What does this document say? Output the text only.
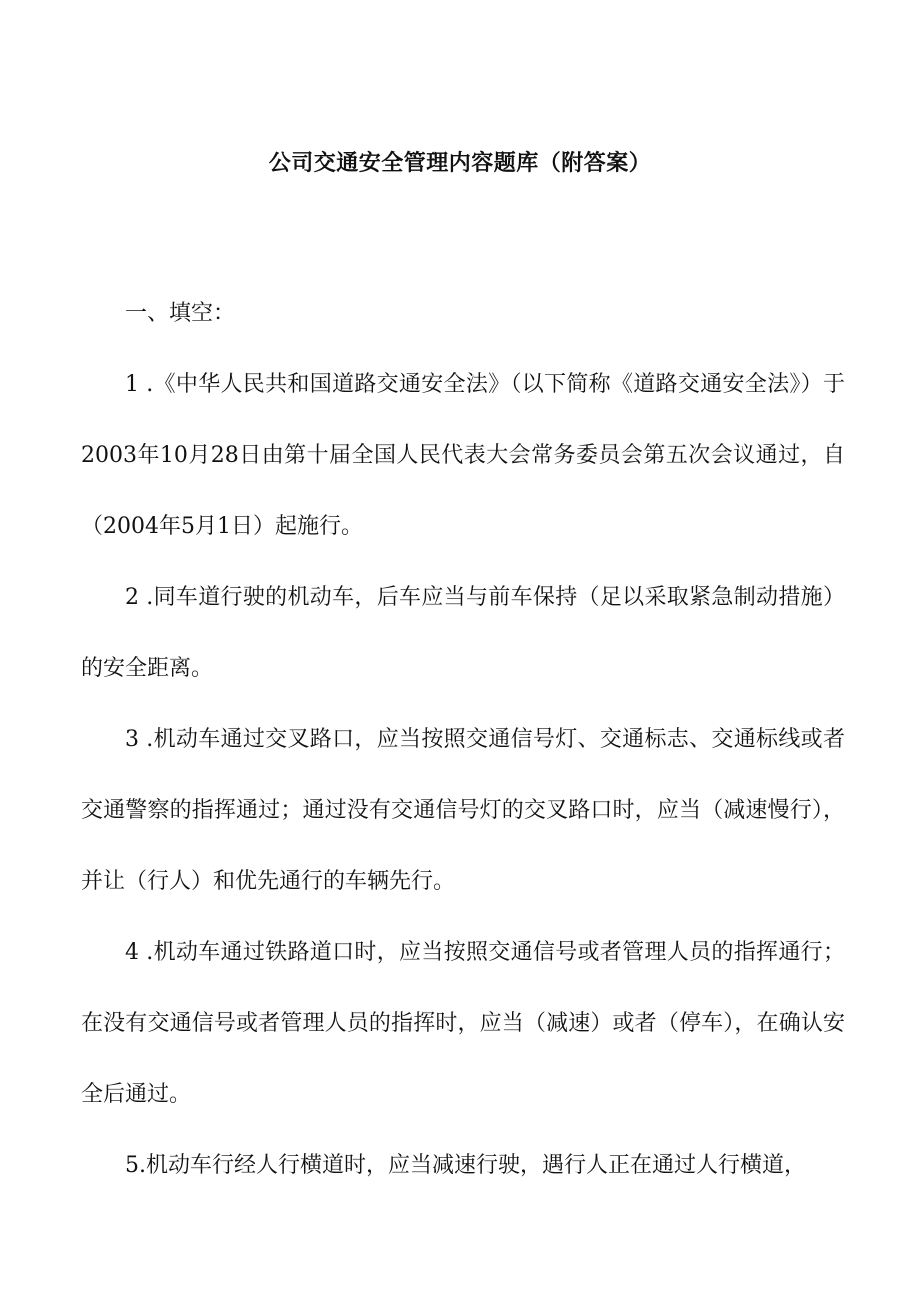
公司交通安全管理内容题库（附答案）

一、填空：

1 .《中华人民共和国道路交通安全法》（以下简称《道路交通安全法》）于2003年10月28日由第十届全国人民代表大会常务委员会第五次会议通过，自（2004年5月1日）起施行。

2 .同车道行驶的机动车，后车应当与前车保持（足以采取紧急制动措施）的安全距离。

3 .机动车通过交叉路口，应当按照交通信号灯、交通标志、交通标线或者交通警察的指挥通过；通过没有交通信号灯的交叉路口时，应当（减速慢行），并让（行人）和优先通行的车辆先行。

4 .机动车通过铁路道口时，应当按照交通信号或者管理人员的指挥通行；在没有交通信号或者管理人员的指挥时，应当（减速）或者（停车），在确认安全后通过。

5.机动车行经人行横道时，应当减速行驶，遇行人正在通过人行横道，
